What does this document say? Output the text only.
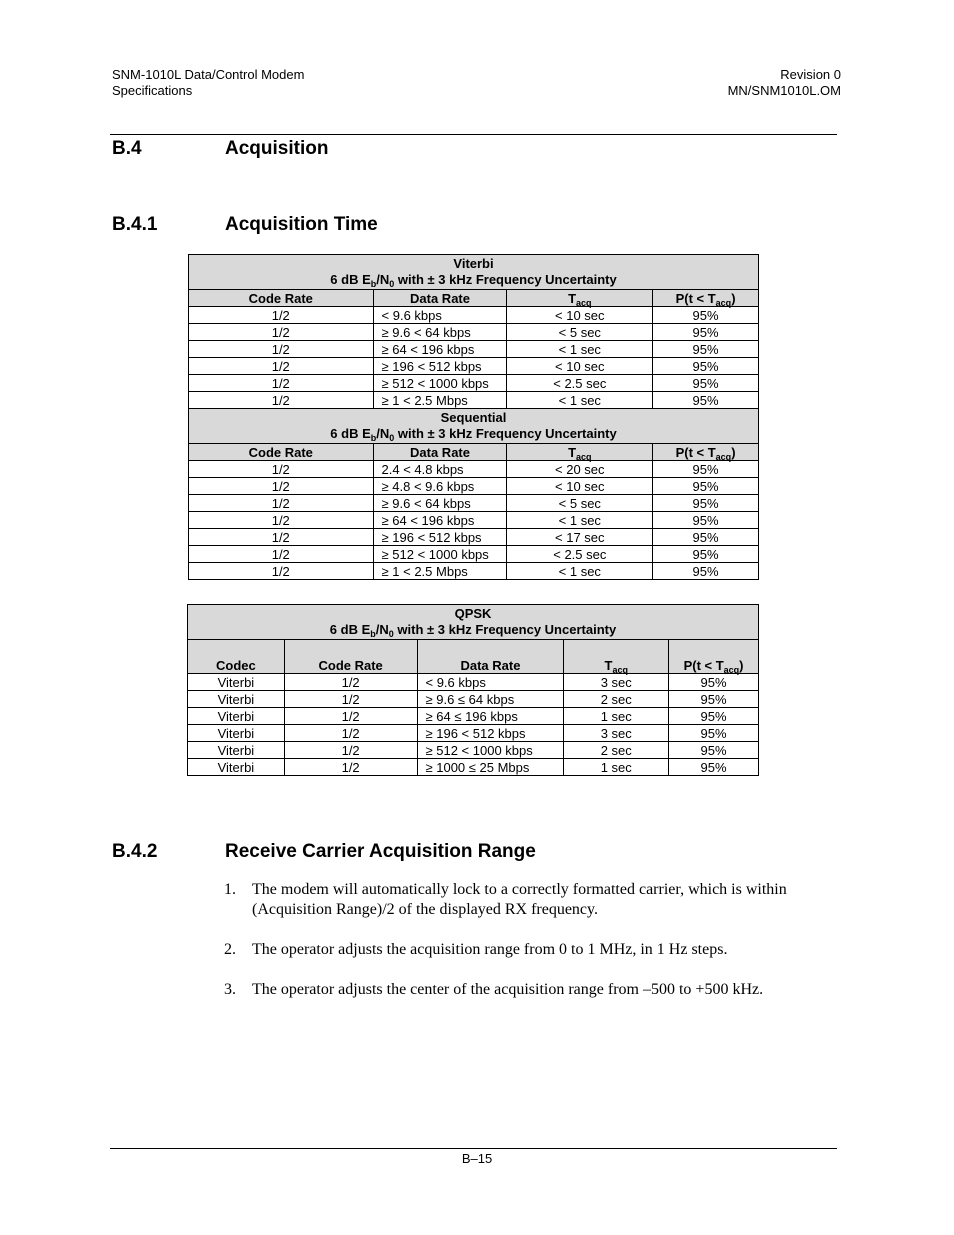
SNM-1010L Data/Control Modem
Specifications
Revision 0
MN/SNM1010L.OM
B.4	Acquisition
B.4.1	Acquisition Time
Viterbi
6 dB $E_b/N_0$ with ± 3 kHz Frequency Uncertainty			

Code Rate	Data Rate	$T_{acq}$	$P(t < T_{acq})$
1/2	< 9.6 kbps	< 10 sec	95%
1/2	≥ 9.6 < 64 kbps	< 5 sec	95%
1/2	≥ 64 < 196 kbps	< 1 sec	95%
1/2	≥ 196 < 512 kbps	< 10 sec	95%
1/2	≥ 512 < 1000 kbps	< 2.5 sec	95%
1/2	≥ 1 < 2.5 Mbps	< 1 sec	95%

Sequential
6 dB $E_b/N_0$ with ± 3 kHz Frequency Uncertainty			

Code Rate	Data Rate	$T_{acq}$	$P(t < T_{acq})$
1/2	2.4 < 4.8 kbps	< 20 sec	95%
1/2	≥ 4.8 < 9.6 kbps	< 10 sec	95%
1/2	≥ 9.6 < 64 kbps	< 5 sec	95%
1/2	≥ 64 < 196 kbps	< 1 sec	95%
1/2	≥ 196 < 512 kbps	< 17 sec	95%
1/2	≥ 512 < 1000 kbps	< 2.5 sec	95%
1/2	≥ 1 < 2.5 Mbps	< 1 sec	95%
QPSK
6 dB $E_b/N_0$ with ± 3 kHz Frequency Uncertainty				

Codec	Code Rate	Data Rate	$T_{acq}$	$P(t < T_{acq})$
Viterbi	1/2	< 9.6 kbps	3 sec	95%
Viterbi	1/2	≥ 9.6 ≤ 64 kbps	2 sec	95%
Viterbi	1/2	≥ 64 ≤ 196 kbps	1 sec	95%
Viterbi	1/2	≥ 196 < 512 kbps	3 sec	95%
Viterbi	1/2	≥ 512 < 1000 kbps	2 sec	95%
Viterbi	1/2	≥ 1000 ≤ 25 Mbps	1 sec	95%
B.4.2	Receive Carrier Acquisition Range
1. The modem will automatically lock to a correctly formatted carrier, which is within (Acquisition Range)/2 of the displayed RX frequency.
2. The operator adjusts the acquisition range from 0 to 1 MHz, in 1 Hz steps.
3. The operator adjusts the center of the acquisition range from –500 to +500 kHz.
B–15
